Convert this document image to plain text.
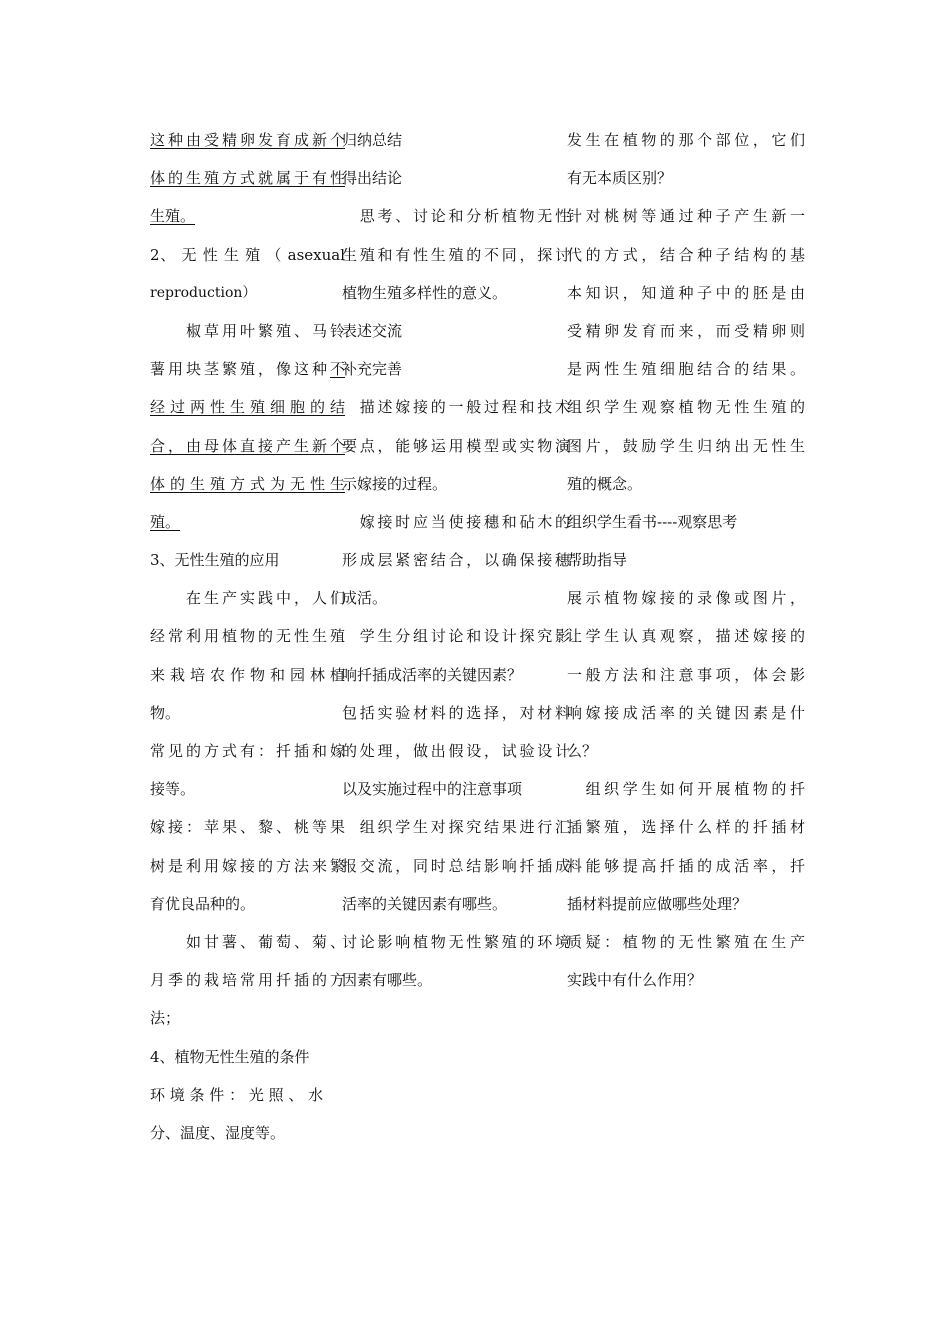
这种由受精卵发育成新个
体的生殖方式就属于有性
生殖。
2、 无 性 生 殖 （ asexual
reproduction）
　　椒草用叶繁殖、马铃
薯用块茎繁殖，像这种不
经过两性生殖细胞的结
合，由母体直接产生新个
体的生殖方式为无性生
殖。
3、无性生殖的应用
　　在生产实践中，人们
经常利用植物的无性生殖
来栽培农作物和园林植
物。
常见的方式有：扦插和嫁
接等。
嫁接：苹果、黎、桃等果
树是利用嫁接的方法来繁
育优良品种的。
　　如甘薯、葡萄、菊、
月季的栽培常用扦插的方
法；
4、植物无性生殖的条件
环 境 条 件 ： 光 照 、 水
分、温度、湿度等。
归纳总结
得出结论
　思考、讨论和分析植物无性
生殖和有性生殖的不同，探讨
植物生殖多样性的意义。
表述交流
补充完善
　描述嫁接的一般过程和技术
要点，能够运用模型或实物演
示嫁接的过程。
　嫁接时应当使接穗和砧木的
形成层紧密结合，以确保接穗
成活。
　学生分组讨论和设计探究影
响扦插成活率的关键因素？
包括实验材料的选择，对材料
的处理，做出假设，试验设计
以及实施过程中的注意事项
　组织学生对探究结果进行汇
报交流，同时总结影响扦插成
活率的关键因素有哪些。
讨论影响植物无性繁殖的环境
因素有哪些。
发生在植物的那个部位，它们
有无本质区别？
针对桃树等通过种子产生新一
代的方式，结合种子结构的基
本知识，知道种子中的胚是由
受精卵发育而来，而受精卵则
是两性生殖细胞结合的结果。
组织学生观察植物无性生殖的
图片，鼓励学生归纳出无性生
殖的概念。
组织学生看书----观察思考
帮助指导
展示植物嫁接的录像或图片，
让学生认真观察，描述嫁接的
一般方法和注意事项，体会影
响嫁接成活率的关键因素是什
么？
　组织学生如何开展植物的扦
插繁殖，选择什么样的扦插材
料能够提高扦插的成活率，扦
插材料提前应做哪些处理？
质疑：植物的无性繁殖在生产
实践中有什么作用？
